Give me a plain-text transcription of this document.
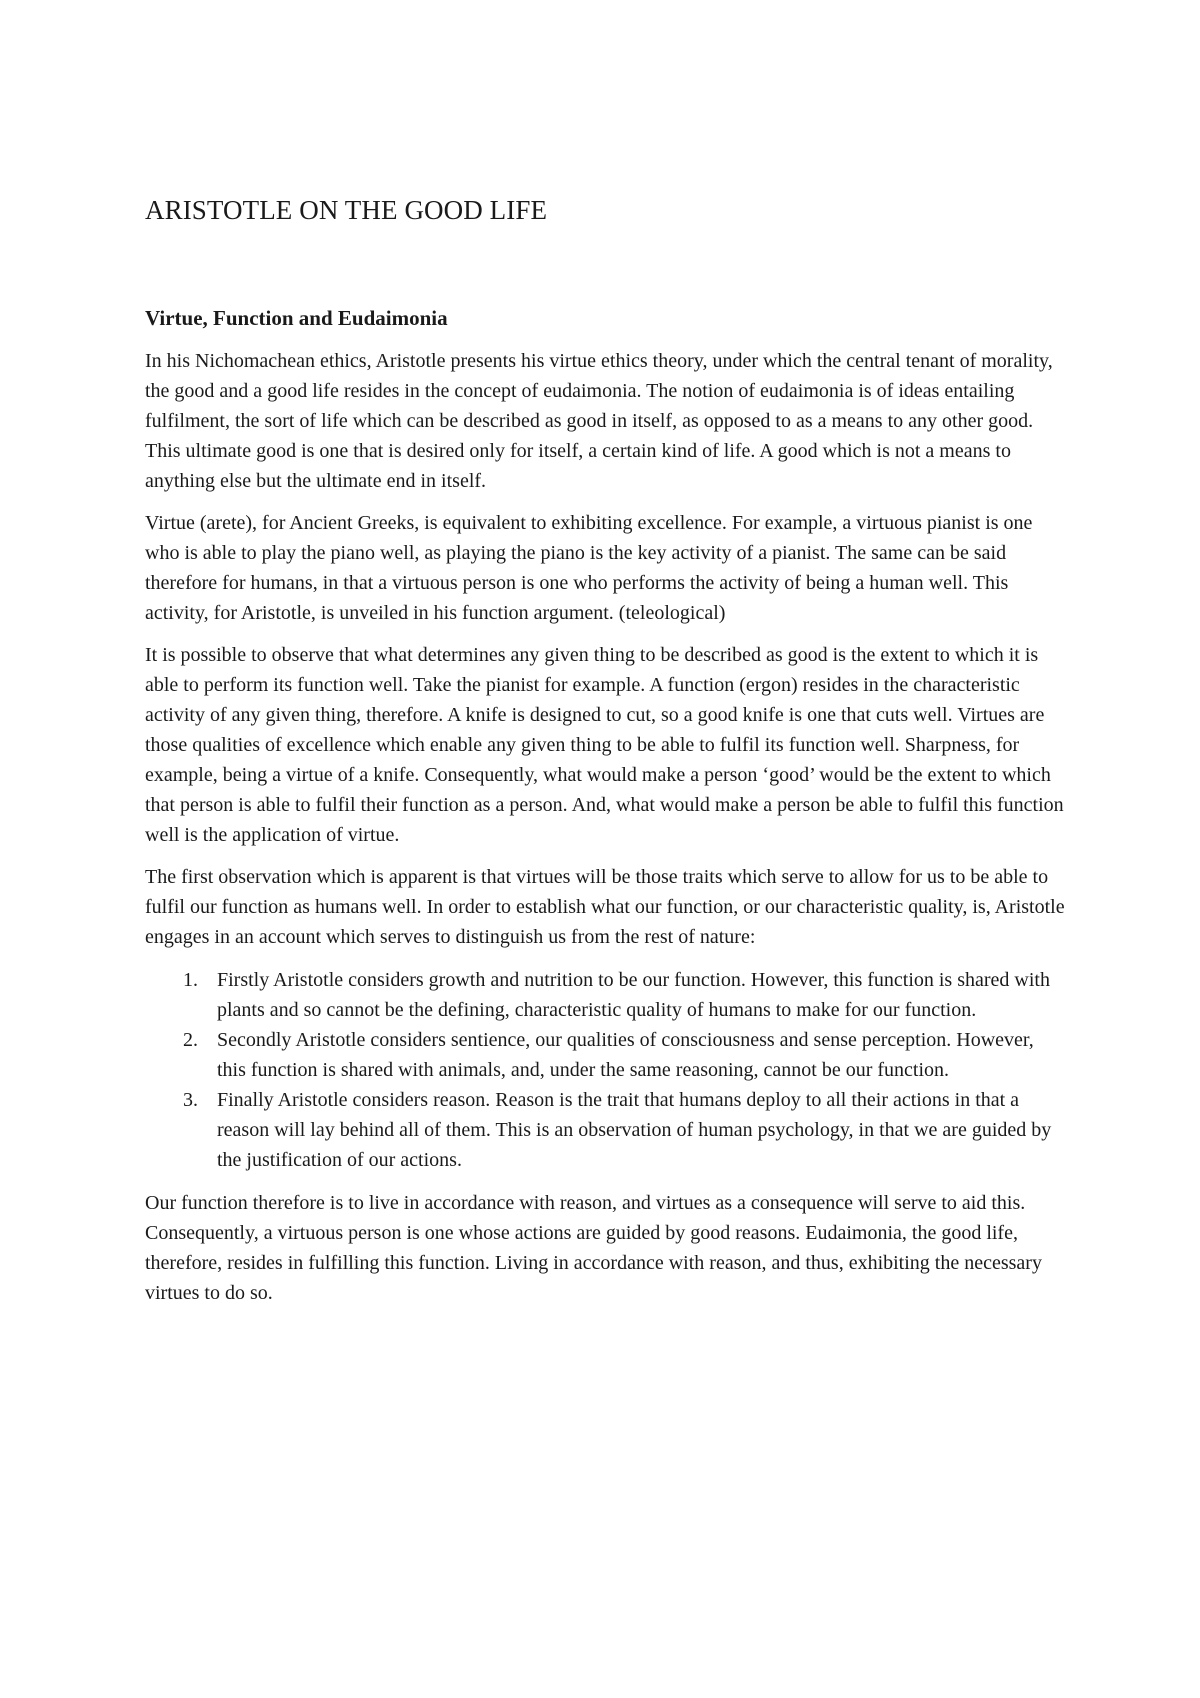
ARISTOTLE ON THE GOOD LIFE
Virtue, Function and Eudaimonia

In his Nichomachean ethics, Aristotle presents his virtue ethics theory, under which the central tenant of morality, the good and a good life resides in the concept of eudaimonia. The notion of eudaimonia is of ideas entailing fulfilment, the sort of life which can be described as good in itself, as opposed to as a means to any other good. This ultimate good is one that is desired only for itself, a certain kind of life. A good which is not a means to anything else but the ultimate end in itself.

Virtue (arete), for Ancient Greeks, is equivalent to exhibiting excellence. For example, a virtuous pianist is one who is able to play the piano well, as playing the piano is the key activity of a pianist. The same can be said therefore for humans, in that a virtuous person is one who performs the activity of being a human well. This activity, for Aristotle, is unveiled in his function argument. (teleological)

It is possible to observe that what determines any given thing to be described as good is the extent to which it is able to perform its function well. Take the pianist for example. A function (ergon) resides in the characteristic activity of any given thing, therefore. A knife is designed to cut, so a good knife is one that cuts well. Virtues are those qualities of excellence which enable any given thing to be able to fulfil its function well. Sharpness, for example, being a virtue of a knife. Consequently, what would make a person ‘good’ would be the extent to which that person is able to fulfil their function as a person. And, what would make a person be able to fulfil this function well is the application of virtue.

The first observation which is apparent is that virtues will be those traits which serve to allow for us to be able to fulfil our function as humans well. In order to establish what our function, or our characteristic quality, is, Aristotle engages in an account which serves to distinguish us from the rest of nature:

1. Firstly Aristotle considers growth and nutrition to be our function. However, this function is shared with plants and so cannot be the defining, characteristic quality of humans to make for our function.
2. Secondly Aristotle considers sentience, our qualities of consciousness and sense perception. However, this function is shared with animals, and, under the same reasoning, cannot be our function.
3. Finally Aristotle considers reason. Reason is the trait that humans deploy to all their actions in that a reason will lay behind all of them. This is an observation of human psychology, in that we are guided by the justification of our actions.

Our function therefore is to live in accordance with reason, and virtues as a consequence will serve to aid this. Consequently, a virtuous person is one whose actions are guided by good reasons. Eudaimonia, the good life, therefore, resides in fulfilling this function. Living in accordance with reason, and thus, exhibiting the necessary virtues to do so.
